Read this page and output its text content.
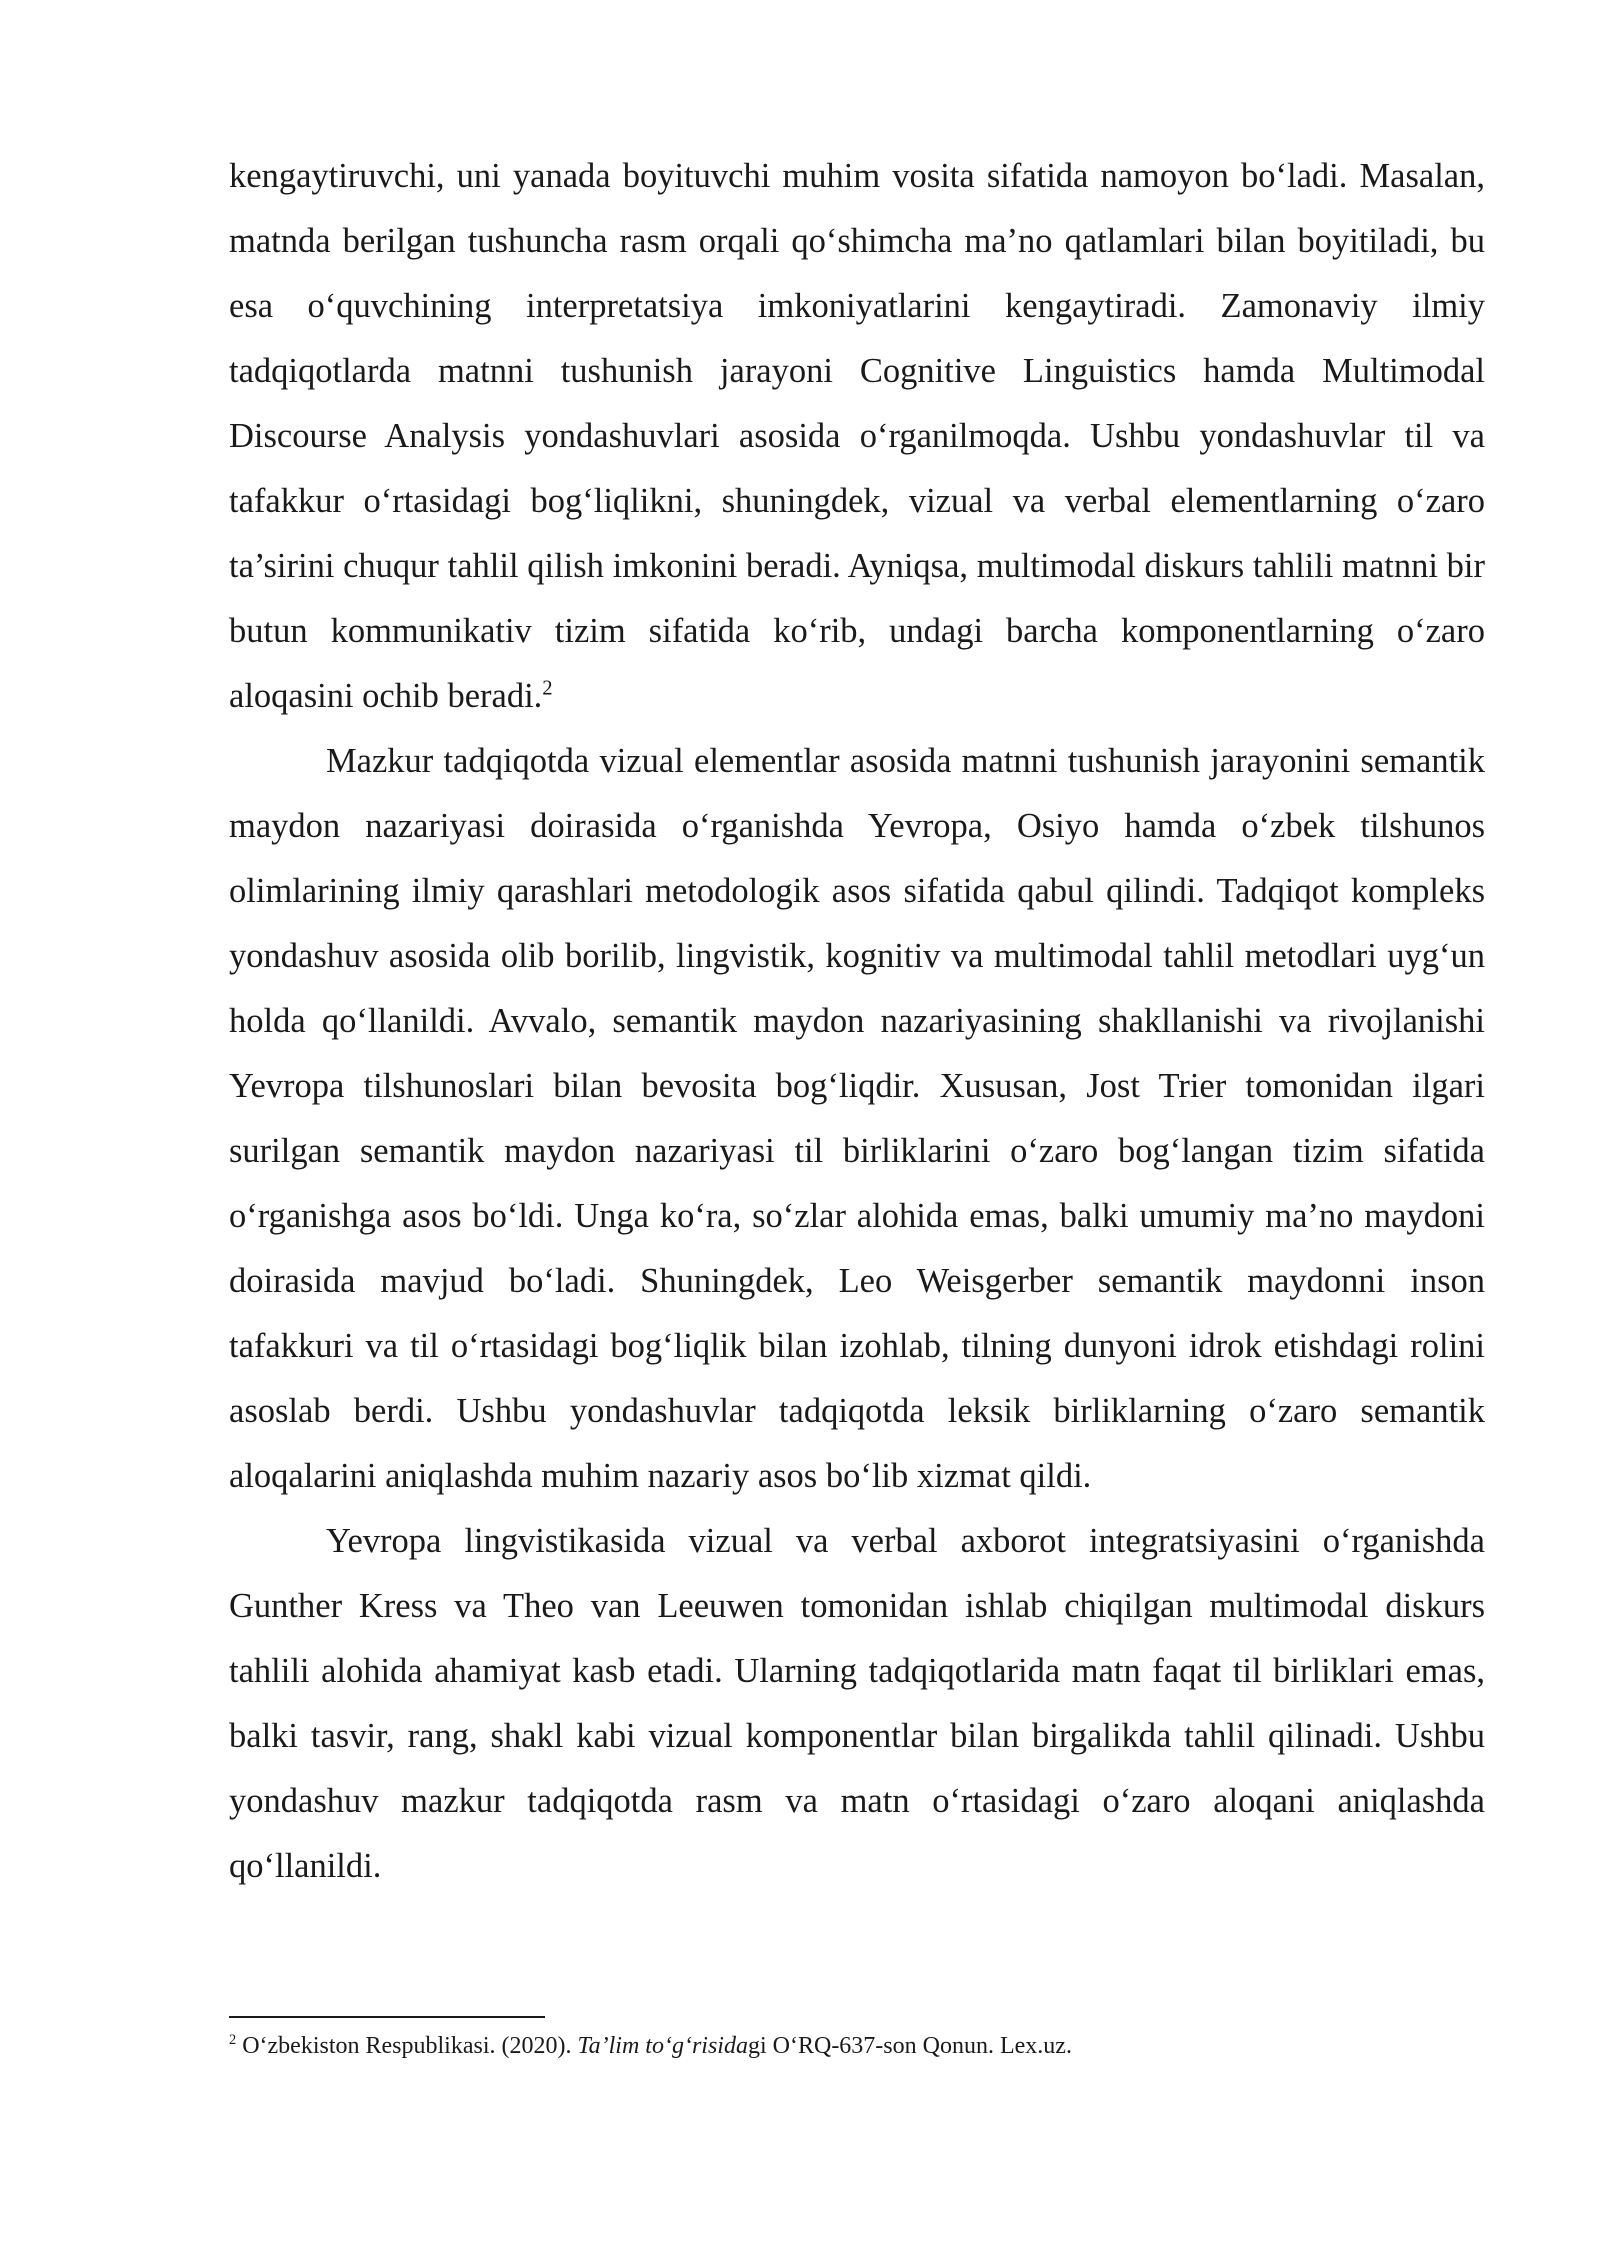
kengaytiruvchi, uni yanada boyituvchi muhim vosita sifatida namoyon bo‘ladi. Masalan, matnda berilgan tushuncha rasm orqali qo‘shimcha ma’no qatlamlari bilan boyitiladi, bu esa o‘quvchining interpretatsiya imkoniyatlarini kengaytiradi. Zamonaviy ilmiy tadqiqotlarda matnni tushunish jarayoni Cognitive Linguistics hamda Multimodal Discourse Analysis yondashuvlari asosida o‘rganilmoqda. Ushbu yondashuvlar til va tafakkur o‘rtasidagi bog‘liqlikni, shuningdek, vizual va verbal elementlarning o‘zaro ta’sirini chuqur tahlil qilish imkonini beradi. Ayniqsa, multimodal diskurs tahlili matnni bir butun kommunikativ tizim sifatida ko‘rib, undagi barcha komponentlarning o‘zaro aloqasini ochib beradi.$^2$

Mazkur tadqiqotda vizual elementlar asosida matnni tushunish jarayonini semantik maydon nazariyasi doirasida o‘rganishda Yevropa, Osiyo hamda o‘zbek tilshunos olimlarining ilmiy qarashlari metodologik asos sifatida qabul qilindi. Tadqiqot kompleks yondashuv asosida olib borilib, lingvistik, kognitiv va multimodal tahlil metodlari uyg‘un holda qo‘llanildi. Avvalo, semantik maydon nazariyasining shakllanishi va rivojlanishi Yevropa tilshunoslari bilan bevosita bog‘liqdir. Xususan, Jost Trier tomonidan ilgari surilgan semantik maydon nazariyasi til birliklarini o‘zaro bog‘langan tizim sifatida o‘rganishga asos bo‘ldi. Unga ko‘ra, so‘zlar alohida emas, balki umumiy ma’no maydoni doirasida mavjud bo‘ladi. Shuningdek, Leo Weisgerber semantik maydonni inson tafakkuri va til o‘rtasidagi bog‘liqlik bilan izohlab, tilning dunyoni idrok etishdagi rolini asoslab berdi. Ushbu yondashuvlar tadqiqotda leksik birliklarning o‘zaro semantik aloqalarini aniqlashda muhim nazariy asos bo‘lib xizmat qildi.

Yevropa lingvistikasida vizual va verbal axborot integratsiyasini o‘rganishda Gunther Kress va Theo van Leeuwen tomonidan ishlab chiqilgan multimodal diskurs tahlili alohida ahamiyat kasb etadi. Ularning tadqiqotlarida matn faqat til birliklari emas, balki tasvir, rang, shakl kabi vizual komponentlar bilan birgalikda tahlil qilinadi. Ushbu yondashuv mazkur tadqiqotda rasm va matn o‘rtasidagi o‘zaro aloqani aniqlashda qo‘llanildi.

$^2$ O‘zbekiston Respublikasi. (2020). Ta’lim to‘g‘risidagi O‘RQ-637-son Qonun. Lex.uz.
